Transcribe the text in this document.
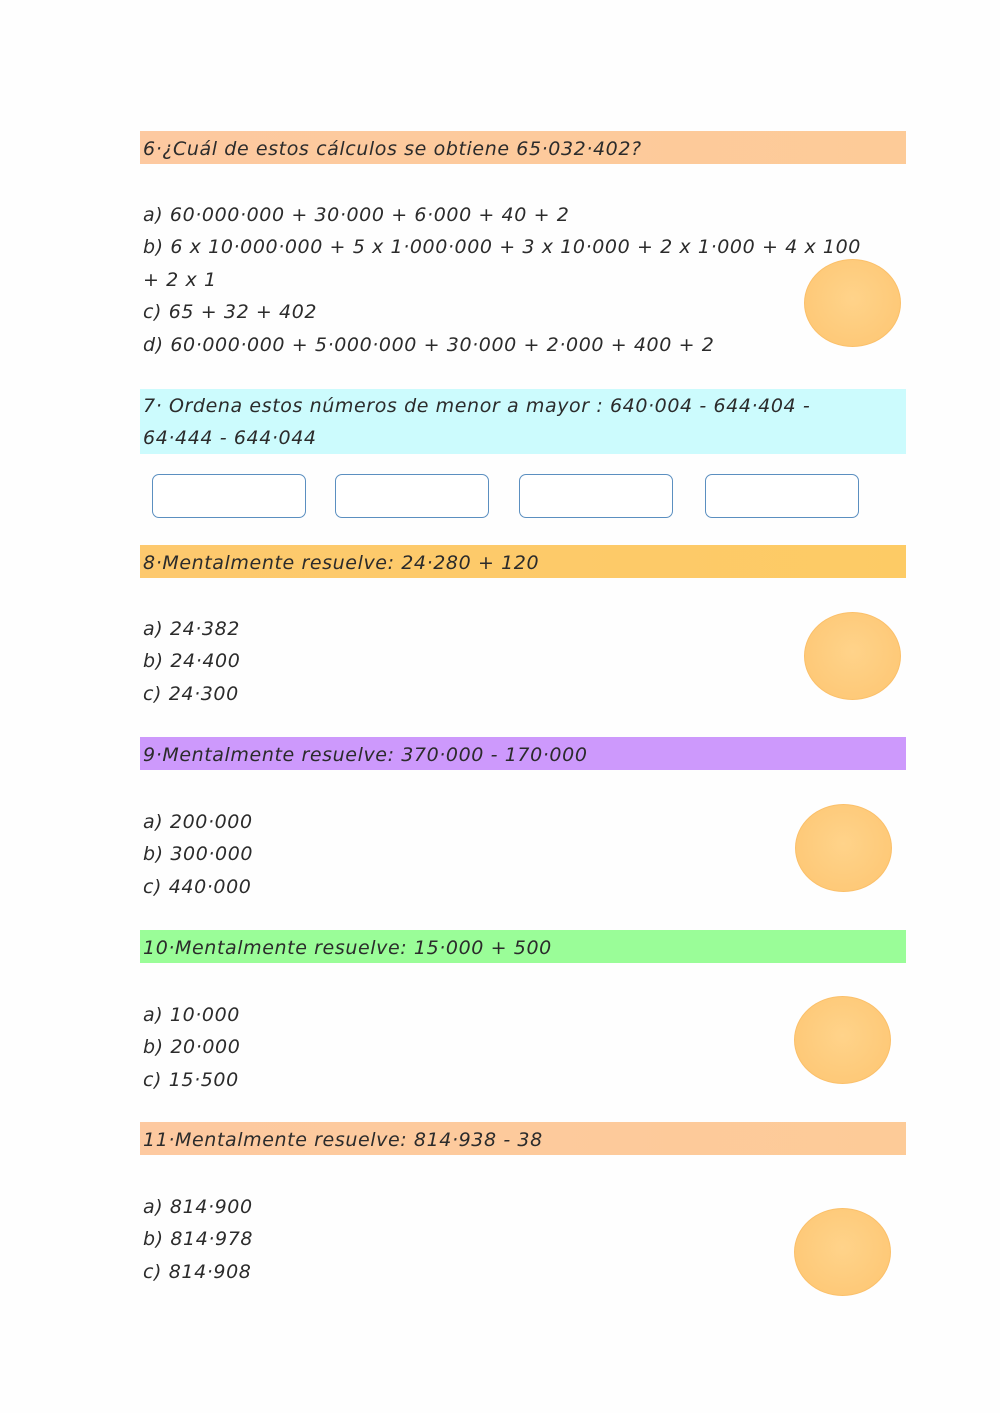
6·¿Cuál de estos cálculos se obtiene 65·032·402?
a) 60·000·000 + 30·000 + 6·000 + 40 + 2
b) 6 x 10·000·000 + 5 x 1·000·000 + 3 x 10·000 + 2 x 1·000 + 4 x 100 + 2 x 1
c) 65 + 32 + 402
d) 60·000·000 + 5·000·000 + 30·000 + 2·000 + 400 + 2
7· Ordena estos números de menor a mayor : 640·004 - 644·404 - 64·444 - 644·044
8·Mentalmente resuelve: 24·280 + 120
a) 24·382
b) 24·400
c) 24·300
9·Mentalmente resuelve: 370·000 - 170·000
a) 200·000
b) 300·000
c) 440·000
10·Mentalmente resuelve: 15·000 + 500
a) 10·000
b) 20·000
c) 15·500
11·Mentalmente resuelve: 814·938 - 38
a) 814·900
b) 814·978
c) 814·908
